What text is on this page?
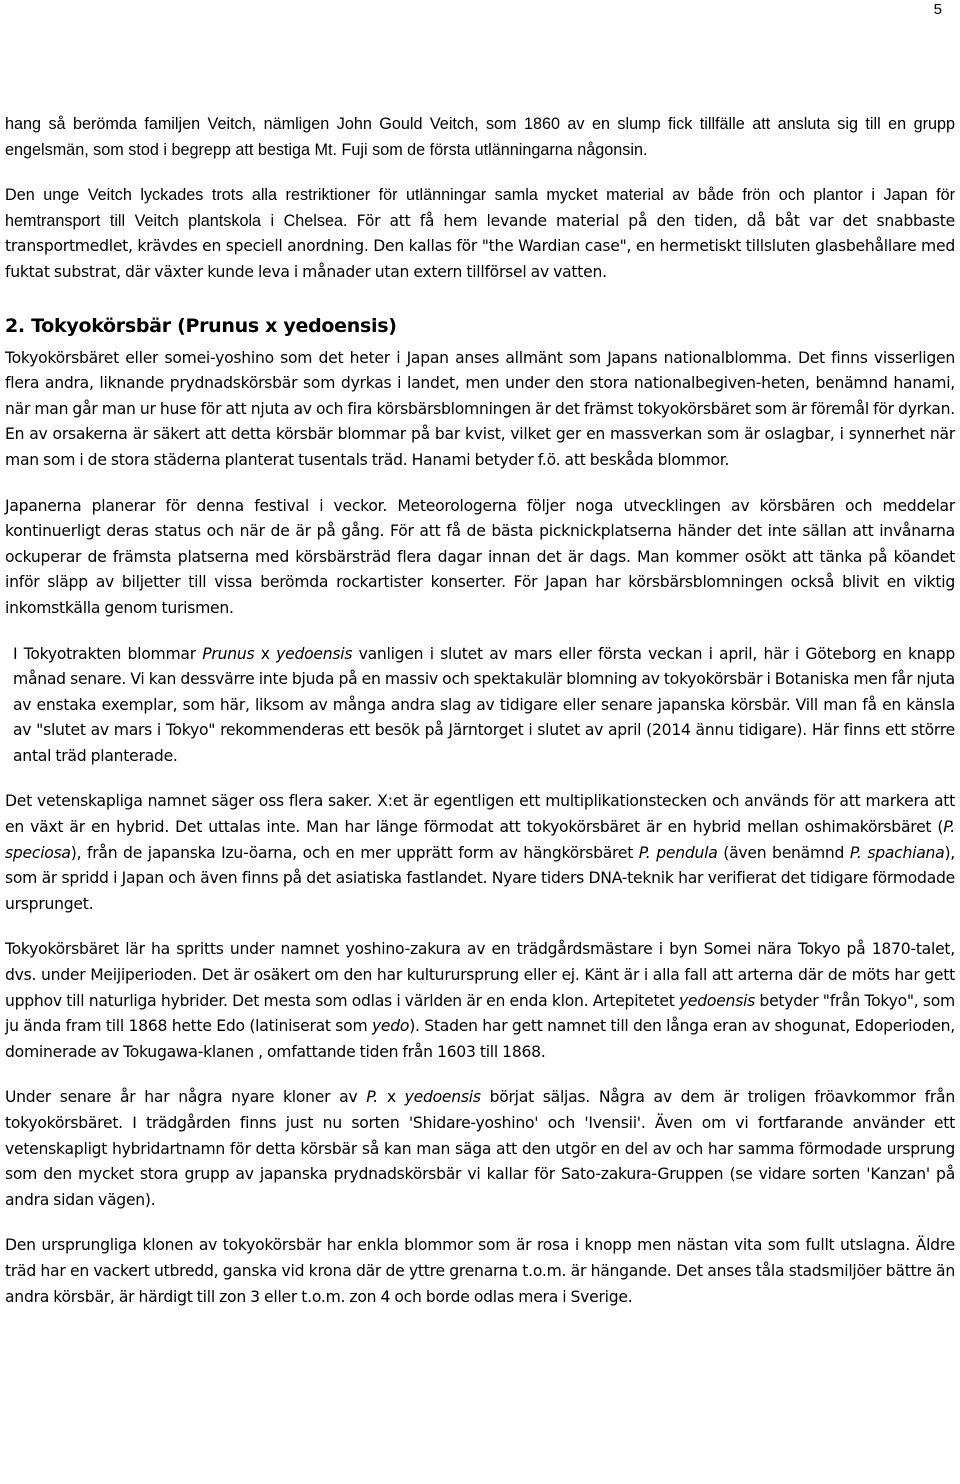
5

hang så berömda familjen Veitch, nämligen John Gould Veitch, som 1860 av en slump fick tillfälle att ansluta sig till en grupp engelsmän, som stod i begrepp att bestiga Mt. Fuji som de första utlänningarna någonsin.

Den unge Veitch lyckades trots alla restriktioner för utlänningar samla mycket material av både frön och plantor i Japan för hemtransport till Veitch plantskola i Chelsea. För att få hem levande material på den tiden, då båt var det snabbaste transportmedlet, krävdes en speciell anordning. Den kallas för "the Wardian case", en hermetiskt tillsluten glasbehållare med fuktat substrat, där växter kunde leva i månader utan extern tillförsel av vatten.

2. Tokyokörsbär (Prunus x yedoensis)

Tokyokörsbäret eller somei-yoshino som det heter i Japan anses allmänt som Japans nationalblomma. Det finns visserligen flera andra, liknande prydnadskörsbär som dyrkas i landet, men under den stora nationalbegiven-heten, benämnd hanami, när man går man ur huse för att njuta av och fira körsbärsblomningen är det främst tokyokörsbäret som är föremål för dyrkan. En av orsakerna är säkert att detta körsbär blommar på bar kvist, vilket ger en massverkan som är oslagbar, i synnerhet när man som i de stora städerna planterat tusentals träd. Hanami betyder f.ö. att beskåda blommor.

Japanerna planerar för denna festival i veckor. Meteorologerna följer noga utvecklingen av körsbären och meddelar kontinuerligt deras status och när de är på gång. För att få de bästa picknickplatserna händer det inte sällan att invånarna ockuperar de främsta platserna med körsbärsträd flera dagar innan det är dags. Man kommer osökt att tänka på köandet inför släpp av biljetter till vissa berömda rockartister konserter. För Japan har körsbärsblomningen också blivit en viktig inkomstkälla genom turismen.

I Tokyotrakten blommar Prunus x yedoensis vanligen i slutet av mars eller första veckan i april, här i Göteborg en knapp månad senare. Vi kan dessvärre inte bjuda på en massiv och spektakulär blomning av tokyokörsbär i Botaniska men får njuta av enstaka exemplar, som här, liksom av många andra slag av tidigare eller senare japanska körsbär. Vill man få en känsla av "slutet av mars i Tokyo" rekommenderas ett besök på Järntorget i slutet av april (2014 ännu tidigare). Här finns ett större antal träd planterade.

Det vetenskapliga namnet säger oss flera saker. X:et är egentligen ett multiplikationstecken och används för att markera att en växt är en hybrid. Det uttalas inte. Man har länge förmodat att tokyokörsbäret är en hybrid mellan oshimakörsbäret (P. speciosa), från de japanska Izu-öarna, och en mer upprätt form av hängkörsbäret P. pendula (även benämnd P. spachiana), som är spridd i Japan och även finns på det asiatiska fastlandet. Nyare tiders DNA-teknik har verifierat det tidigare förmodade ursprunget.

Tokyokörsbäret lär ha spritts under namnet yoshino-zakura av en trädgårdsmästare i byn Somei nära Tokyo på 1870-talet, dvs. under Meijiperioden. Det är osäkert om den har kulturursprung eller ej. Känt är i alla fall att arterna där de möts har gett upphov till naturliga hybrider. Det mesta som odlas i världen är en enda klon. Artepitetet yedoensis betyder "från Tokyo", som ju ända fram till 1868 hette Edo (latiniserat som yedo). Staden har gett namnet till den långa eran av shogunat, Edoperioden, dominerade av Tokugawa-klanen , omfattande tiden från 1603 till 1868.

Under senare år har några nyare kloner av P. x yedoensis börjat säljas. Några av dem är troligen fröavkommor från tokyokörsbäret. I trädgården finns just nu sorten 'Shidare-yoshino' och 'Ivensii'. Även om vi fortfarande använder ett vetenskapligt hybridartnamn för detta körsbär så kan man säga att den utgör en del av och har samma förmodade ursprung som den mycket stora grupp av japanska prydnadskörsbär vi kallar för Sato-zakura-Gruppen (se vidare sorten 'Kanzan' på andra sidan vägen).

Den ursprungliga klonen av tokyokörsbär har enkla blommor som är rosa i knopp men nästan vita som fullt utslagna. Äldre träd har en vackert utbredd, ganska vid krona där de yttre grenarna t.o.m. är hängande. Det anses tåla stadsmiljöer bättre än andra körsbär, är härdigt till zon 3 eller t.o.m. zon 4 och borde odlas mera i Sverige.
